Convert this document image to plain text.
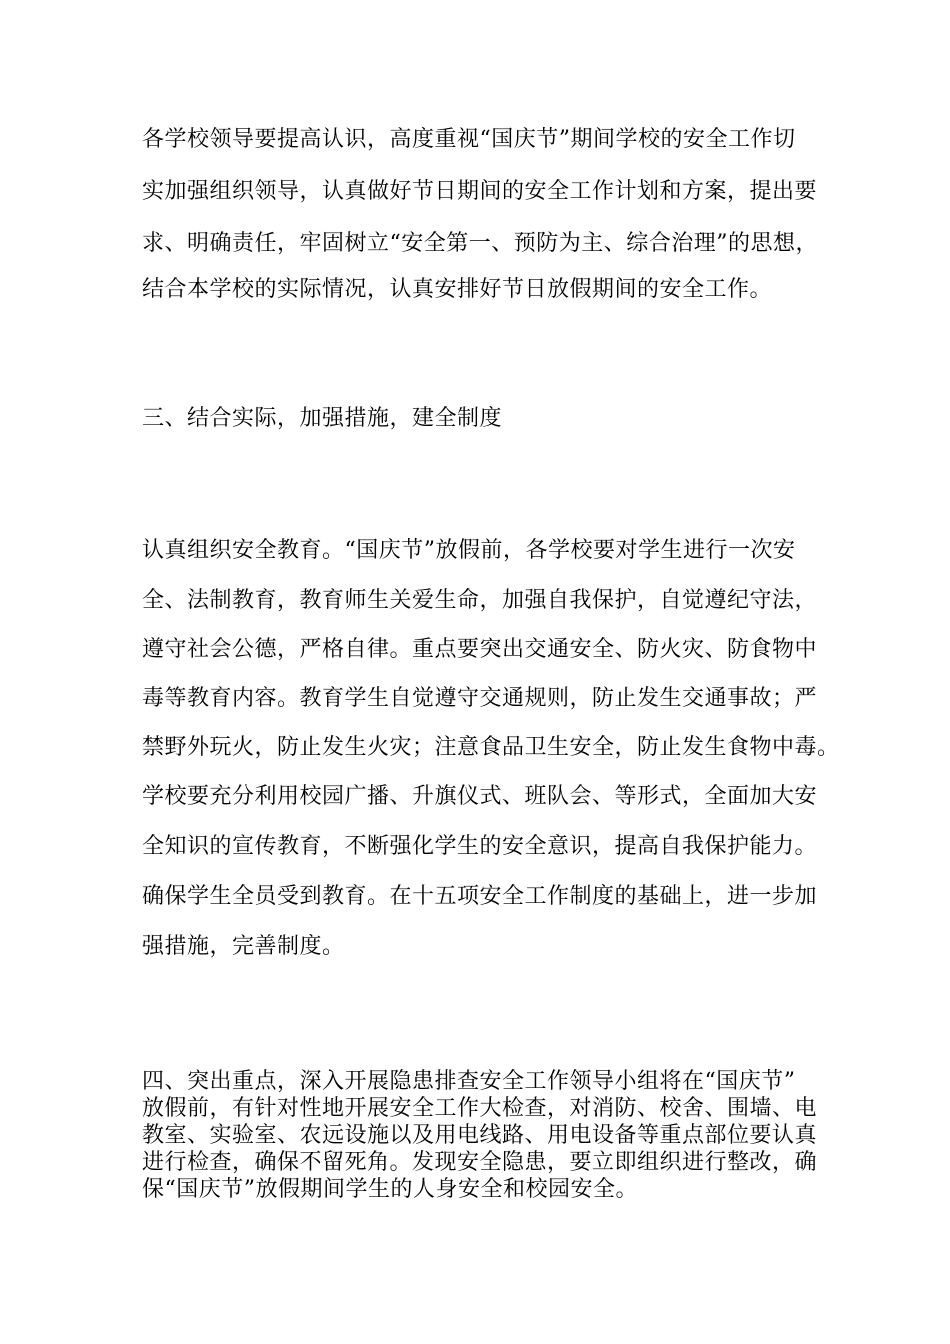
各学校领导要提高认识，高度重视“国庆节”期间学校的安全工作切
实加强组织领导，认真做好节日期间的安全工作计划和方案，提出要
求、明确责任，牢固树立“安全第一、预防为主、综合治理”的思想，
结合本学校的实际情况，认真安排好节日放假期间的安全工作。
三、结合实际，加强措施，建全制度
认真组织安全教育。“国庆节”放假前，各学校要对学生进行一次安
全、法制教育，教育师生关爱生命，加强自我保护，自觉遵纪守法，
遵守社会公德，严格自律。重点要突出交通安全、防火灾、防食物中
毒等教育内容。教育学生自觉遵守交通规则，防止发生交通事故；严
禁野外玩火，防止发生火灾；注意食品卫生安全，防止发生食物中毒。
学校要充分利用校园广播、升旗仪式、班队会、等形式，全面加大安
全知识的宣传教育，不断强化学生的安全意识，提高自我保护能力。
确保学生全员受到教育。在十五项安全工作制度的基础上，进一步加
强措施，完善制度。
四、突出重点，深入开展隐患排查安全工作领导小组将在“国庆节”
放假前，有针对性地开展安全工作大检查，对消防、校舍、围墙、电
教室、实验室、农远设施以及用电线路、用电设备等重点部位要认真
进行检查，确保不留死角。发现安全隐患，要立即组织进行整改，确
保“国庆节”放假期间学生的人身安全和校园安全。
